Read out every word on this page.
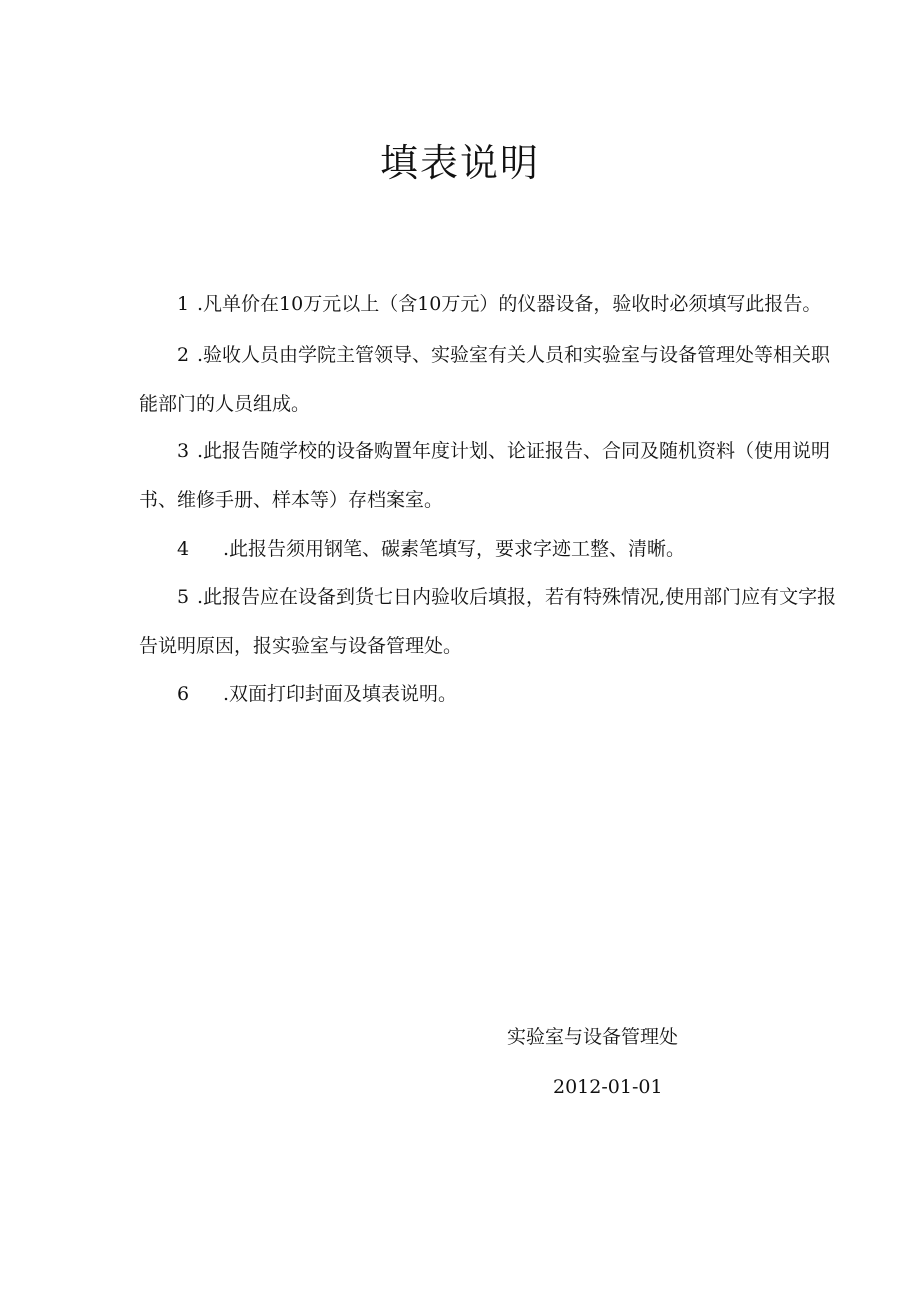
填表说明
1 .凡单价在10万元以上（含10万元）的仪器设备，验收时必须填写此报告。
2 .验收人员由学院主管领导、实验室有关人员和实验室与设备管理处等相关职
能部门的人员组成。
3 .此报告随学校的设备购置年度计划、论证报告、合同及随机资料（使用说明
书、维修手册、样本等）存档案室。
4 .此报告须用钢笔、碳素笔填写，要求字迹工整、清晰。
5 .此报告应在设备到货七日内验收后填报，若有特殊情况,使用部门应有文字报
告说明原因，报实验室与设备管理处。
6 .双面打印封面及填表说明。
实验室与设备管理处
2012-01-01
